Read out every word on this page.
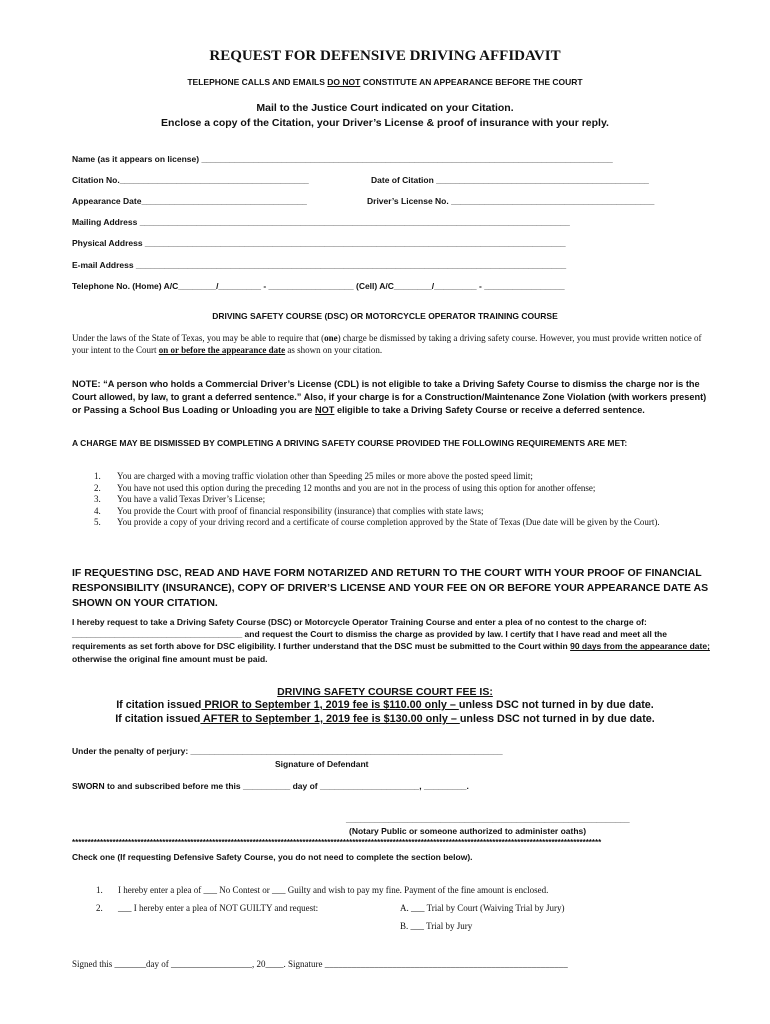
REQUEST FOR DEFENSIVE DRIVING AFFIDAVIT
TELEPHONE CALLS AND EMAILS DO NOT CONSTITUTE AN APPEARANCE BEFORE THE COURT
Mail to the Justice Court indicated on your Citation.
Enclose a copy of the Citation, your Driver’s License & proof of insurance with your reply.
Name (as it appears on license) _______________________________________________________________________________________
Citation No.________________________________________	Date of Citation _____________________________________________
Appearance Date___________________________________	Driver’s License No. ___________________________________________
Mailing Address ___________________________________________________________________________________________
Physical Address _________________________________________________________________________________________
E-mail Address ___________________________________________________________________________________________
Telephone No. (Home) A/C________/_________ - __________________ (Cell) A/C________/_________ - _________________
DRIVING SAFETY COURSE (DSC) OR MOTORCYCLE OPERATOR TRAINING COURSE
Under the laws of the State of Texas, you may be able to require that (one) charge be dismissed by taking a driving safety course. However, you must provide written notice of your intent to the Court on or before the appearance date as shown on your citation.
NOTE: “A person who holds a Commercial Driver’s License (CDL) is not eligible to take a Driving Safety Course to dismiss the charge nor is the Court allowed, by law, to grant a deferred sentence.” Also, if your charge is for a Construction/Maintenance Zone Violation (with workers present) or Passing a School Bus Loading or Unloading you are NOT eligible to take a Driving Safety Course or receive a deferred sentence.
A CHARGE MAY BE DISMISSED BY COMPLETING A DRIVING SAFETY COURSE PROVIDED THE FOLLOWING REQUIREMENTS ARE MET:
1. You are charged with a moving traffic violation other than Speeding 25 miles or more above the posted speed limit;
2. You have not used this option during the preceding 12 months and you are not in the process of using this option for another offense;
3. You have a valid Texas Driver’s License;
4. You provide the Court with proof of financial responsibility (insurance) that complies with state laws;
5. You provide a copy of your driving record and a certificate of course completion approved by the State of Texas (Due date will be given by the Court).
IF REQUESTING DSC, READ AND HAVE FORM NOTARIZED AND RETURN TO THE COURT WITH YOUR PROOF OF FINANCIAL RESPONSIBILITY (INSURANCE), COPY OF DRIVER’S LICENSE AND YOUR FEE ON OR BEFORE YOUR APPEARANCE DATE AS SHOWN ON YOUR CITATION.
I hereby request to take a Driving Safety Course (DSC) or Motorcycle Operator Training Course and enter a plea of no contest to the charge of: ____________________________________ and request the Court to dismiss the charge as provided by law. I certify that I have read and meet all the requirements as set forth above for DSC eligibility. I further understand that the DSC must be submitted to the Court within 90 days from the appearance date; otherwise the original fine amount must be paid.
DRIVING SAFETY COURSE COURT FEE IS:
If citation issued PRIOR to September 1, 2019 fee is $110.00 only – unless DSC not turned in by due date.
If citation issued AFTER to September 1, 2019 fee is $130.00 only – unless DSC not turned in by due date.
Under the penalty of perjury: __________________________________________________________________
Signature of Defendant
SWORN to and subscribed before me this __________ day of _____________________, _________.
____________________________________________________________
(Notary Public or someone authorized to administer oaths)
**************************************************************************************************************************************************************************
Check one (If requesting Defensive Safety Course, you do not need to complete the section below).
1. I hereby enter a plea of ___ No Contest or ___ Guilty and wish to pay my fine. Payment of the fine amount is enclosed.
2. ___ I hereby enter a plea of NOT GUILTY and request:	A. ___ Trial by Court (Waiving Trial by Jury)
B. ___ Trial by Jury
Signed this _______day of __________________, 20____. Signature ______________________________________________________
